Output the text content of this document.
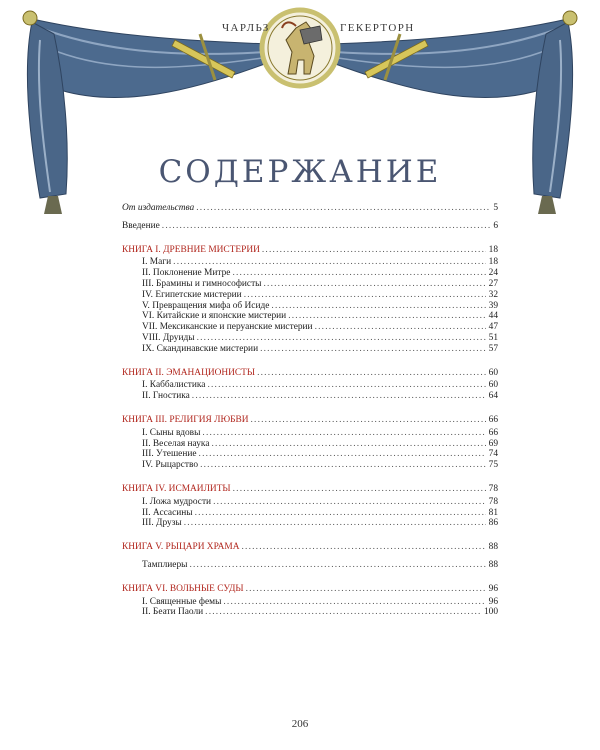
ЧАРЛЬЗ	ГЕКЕРТОРН
СОДЕРЖАНИЕ
От издательства .....	5
Введение .....	6
КНИГА I. ДРЕВНИЕ МИСТЕРИИ .....	18
I. Маги .....	18
II. Поклонение Митре .....	24
III. Брамины и гимнософисты .....	27
IV. Египетские мистерии .....	32
V. Превращения мифа об Исиде .....	39
VI. Китайские и японские мистерии .....	44
VII. Мексиканские и перуанские мистерии .....	47
VIII. Друиды .....	51
IX. Скандинавские мистерии .....	57
КНИГА II. ЭМАНАЦИОНИСТЫ .....	60
I. Каббалистика .....	60
II. Гностика .....	64
КНИГА III. РЕЛИГИЯ ЛЮБВИ .....	66
I. Сыны вдовы .....	66
II. Веселая наука .....	69
III. Утешение .....	74
IV. Рыцарство .....	75
КНИГА IV. ИСМАИЛИТЫ .....	78
I. Ложа мудрости .....	78
II. Ассасины .....	81
III. Друзы .....	86
КНИГА V. РЫЦАРИ ХРАМА .....	88
Тамплиеры .....	88
КНИГА VI. ВОЛЬНЫЕ СУДЫ .....	96
I. Священные фемы .....	96
II. Беати Паоли .....	100
206
